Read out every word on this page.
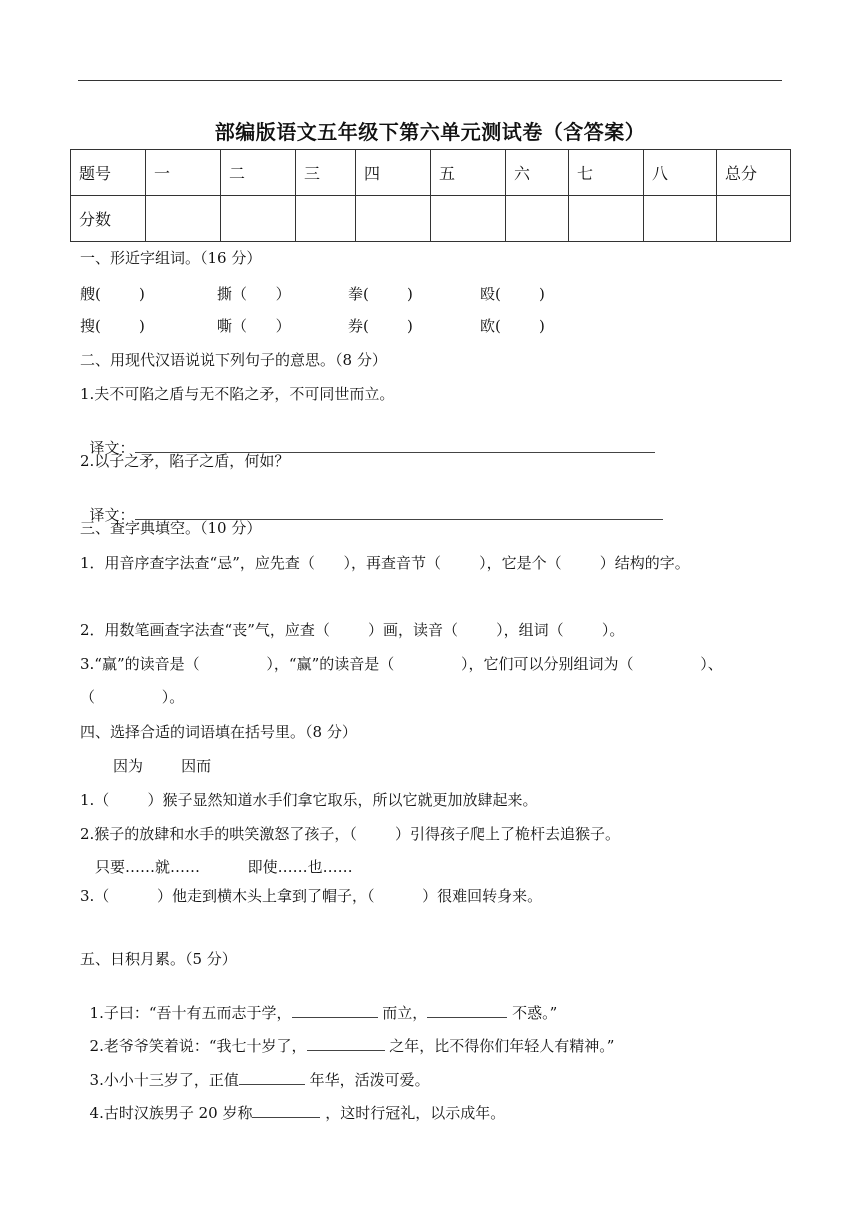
部编版语文五年级下第六单元测试卷（含答案）
题号	一	二	三	四	五	六	七	八	总分
分数									
一、形近字组词。（16 分）
艘(        )	撕（      ）	拳(        )	殴(        )
搜(        )	嘶（      ）	券(        )	欧(        )
二、用现代汉语说说下列句子的意思。（8 分）
1.夫不可陷之盾与无不陷之矛，不可同世而立。

译文：

2.以子之矛，陷子之盾，何如？

译文：

三、查字典填空。（10 分）
1．用音序查字法查“忌”，应先查（      ），再查音节（        ），它是个（        ）结构的字。
2．用数笔画查字法查“丧”气，应查（        ）画，读音（        ），组词（        ）。
3.“赢”的读音是（              ），“赢”的读音是（              ），它们可以分别组词为（              ）、
（              ）。
四、选择合适的词语填在括号里。（8 分）
因为        因而
1.（        ）猴子显然知道水手们拿它取乐，所以它就更加放肆起来。
2.猴子的放肆和水手的哄笑激怒了孩子，（        ）引得孩子爬上了桅杆去追猴子。
只要……就……          即使……也……
3.（          ）他走到横木头上拿到了帽子，（          ）很难回转身来。
五、日积月累。（5 分）

1.子曰：“吾十有五而志于学，	而立，	不惑。”

2.老爷爷笑着说：“我七十岁了，	之年，比不得你们年轻人有精神。”

3.小小十三岁了，正值	年华，活泼可爱。

4.古时汉族男子 20 岁称	，这时行冠礼，以示成年。
